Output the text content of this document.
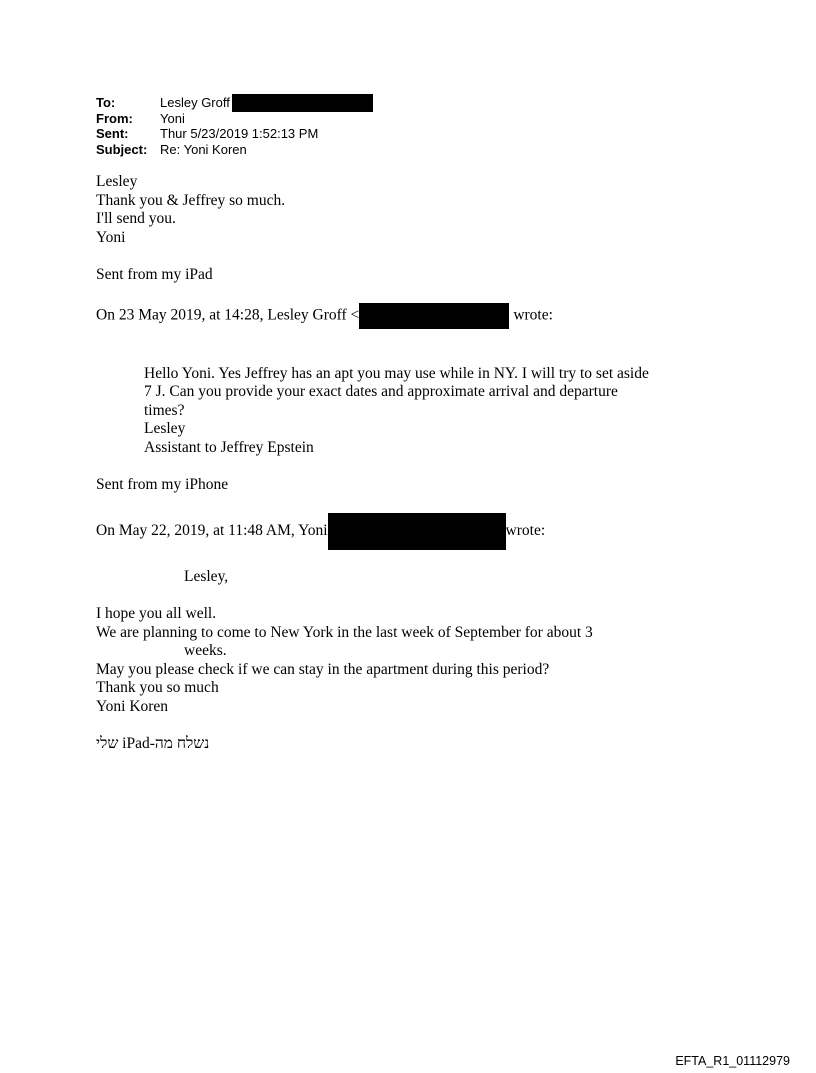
To:	Lesley Groff
From:	Yoni
Sent:	Thur 5/23/2019 1:52:13 PM
Subject: Re: Yoni Koren

Lesley

Thank you & Jeffrey so much.

I'll send you.

Yoni

Sent from my iPad

On 23 May 2019, at 14:28, Lesley Groff <	wrote:

Hello Yoni. Yes Jeffrey has an apt you may use while in NY. I will try to set aside

7 J. Can you provide your exact dates and approximate arrival and departure

times?

Lesley

Assistant to Jeffrey Epstein

Sent from my iPhone

On May 22, 2019, at 11:48 AM, Yoni	wrote:

Lesley,

I hope you all well.

We are planning to come to New York in the last week of September for about 3

weeks.

May you please check if we can stay in the apartment during this period?

Thank you so much

Yoni Koren

נשלח מה-iPad שלי

EFTA_R1_01112979
